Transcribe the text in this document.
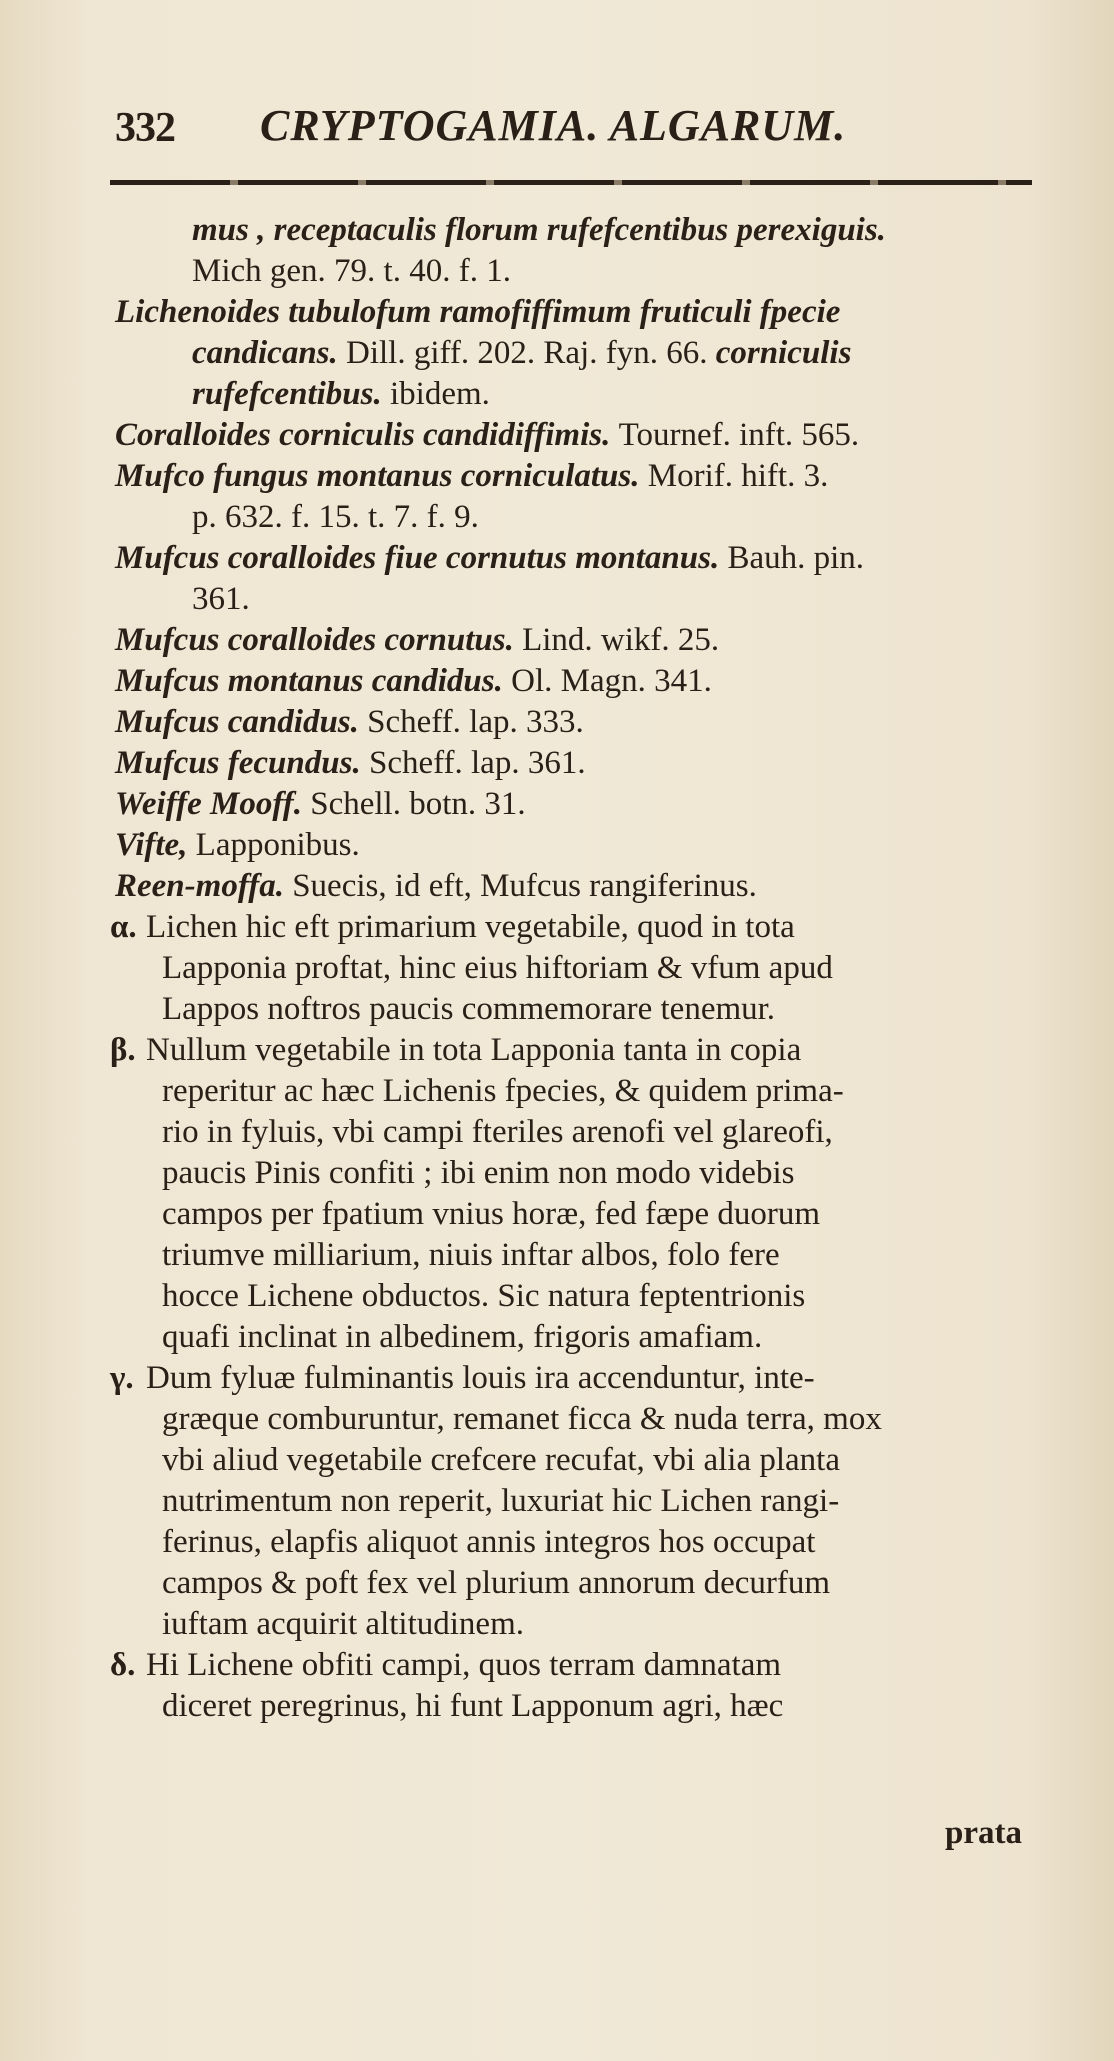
332 CRYPTOGAMIA. ALGARUM.
mus , receptaculis florum rufefcentibus perexiguis.
Mich gen. 79. t. 40. f. 1.
Lichenoides tubulofum ramofiffimum fruticuli fpecie
candicans. Dill. giff. 202. Raj. fyn. 66. corniculis
rufefcentibus. ibidem.
Coralloides corniculis candidiffimis. Tournef. inft. 565.
Mufco fungus montanus corniculatus. Morif. hift. 3.
p. 632. f. 15. t. 7. f. 9.
Mufcus coralloides fiue cornutus montanus. Bauh. pin.
361.
Mufcus coralloides cornutus. Lind. wikf. 25.
Mufcus montanus candidus. Ol. Magn. 341.
Mufcus candidus. Scheff. lap. 333.
Mufcus fecundus. Scheff. lap. 361.
Weiffe Mooff. Schell. botn. 31.
Vifte, Lapponibus.
Reen-moffa. Suecis, id eft, Mufcus rangiferinus.
α. Lichen hic eft primarium vegetabile, quod in tota
Lapponia proftat, hinc eius hiftoriam & vfum apud
Lappos noftros paucis commemorare tenemur.
β. Nullum vegetabile in tota Lapponia tanta in copia
reperitur ac hæc Lichenis fpecies, & quidem prima-
rio in fyluis, vbi campi fteriles arenofi vel glareofi,
paucis Pinis confiti ; ibi enim non modo videbis
campos per fpatium vnius horæ, fed fæpe duorum
triumve milliarium, niuis inftar albos, folo fere
hocce Lichene obductos. Sic natura feptentrionis
quafi inclinat in albedinem, frigoris amafiam.
γ. Dum fyluæ fulminantis louis ira accenduntur, inte-
græque comburuntur, remanet ficca & nuda terra, mox
vbi aliud vegetabile crefcere recufat, vbi alia planta
nutrimentum non reperit, luxuriat hic Lichen rangi-
ferinus, elapfis aliquot annis integros hos occupat
campos & poft fex vel plurium annorum decurfum
iuftam acquirit altitudinem.
δ. Hi Lichene obfiti campi, quos terram damnatam
diceret peregrinus, hi funt Lapponum agri, hæc
prata
